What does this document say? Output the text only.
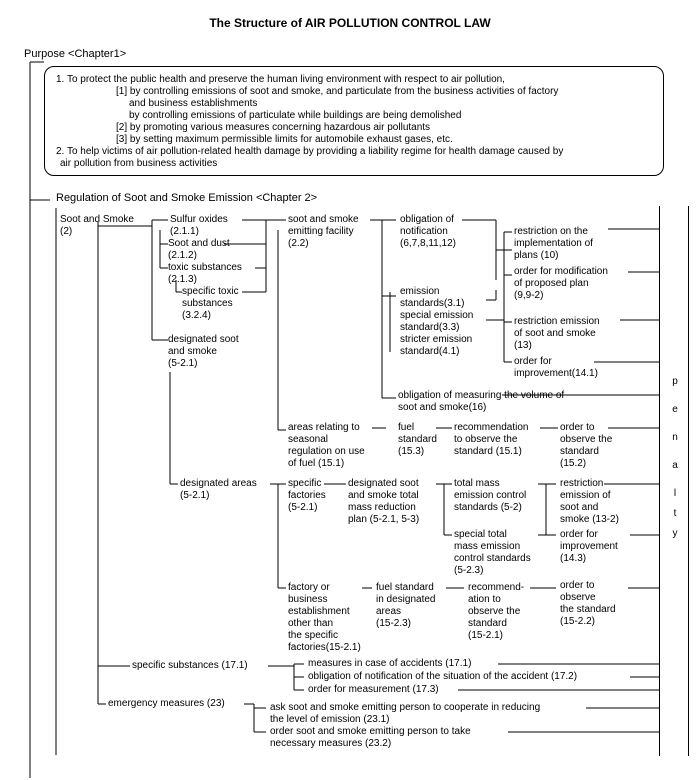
The Structure of AIR POLLUTION CONTROL LAW
Purpose <Chapter1>
1. To protect the public health and preserve the human living environment with respect to air pollution,
[1] by controlling emissions of soot and smoke, and particulate from the business activities of factory
and business establishments
by controlling emissions of particulate while buildings are being demolished
[2] by promoting various measures concerning hazardous air pollutants
[3] by setting maximum permissible limits for automobile exhaust gases, etc.
2. To help victims of air pollution-related health damage by providing a liability regime for health damage caused by
air pollution from business activities
Regulation of Soot and Smoke Emission <Chapter 2>
p
e
n
a
l
t
y
Soot and Smoke
(2)
Sulfur oxides
(2.1.1)
Soot and dust
(2.1.2)
toxic substances
(2.1.3)
specific toxic
substances
(3.2.4)
designated soot
and smoke
(5-2.1)
soot and smoke
emitting facility
(2.2)
obligation of
notification
(6,7,8,11,12)
emission
standards(3.1)
special emission
standard(3.3)
stricter emission
standard(4.1)
restriction on the
implementation of
plans (10)
order for modification
of proposed plan
(9,9-2)
restriction emission
of soot and smoke
(13)
order for
improvement(14.1)
obligation of measuring the volume of
soot and smoke(16)
areas relating to
seasonal
regulation on use
of fuel (15.1)
fuel
standard
(15.3)
recommendation
to observe the
standard (15.1)
order to
observe the
standard
(15.2)
designated areas
(5-2.1)
specific
factories
(5-2.1)
designated soot
and smoke total
mass reduction
plan (5-2.1, 5-3)
total mass
emission control
standards (5-2)
special total
mass emission
control standards
(5-2.3)
restriction
emission of
soot and
smoke (13-2)
order for
improvement
(14.3)
factory or
business
establishment
other than
the specific
factories(15-2.1)
fuel standard
in designated
areas
(15-2.3)
recommend-
ation to
observe the
standard
(15-2.1)
order to
observe
the standard
(15-2.2)
specific substances (17.1)	measures in case of accidents (17.1)
obligation of notification of the situation of the accident (17.2)
order for measurement (17.3)
emergency measures (23)	ask soot and smoke emitting person to cooperate in reducing
the level of emission (23.1)
order soot and smoke emitting person to take
necessary measures (23.2)
